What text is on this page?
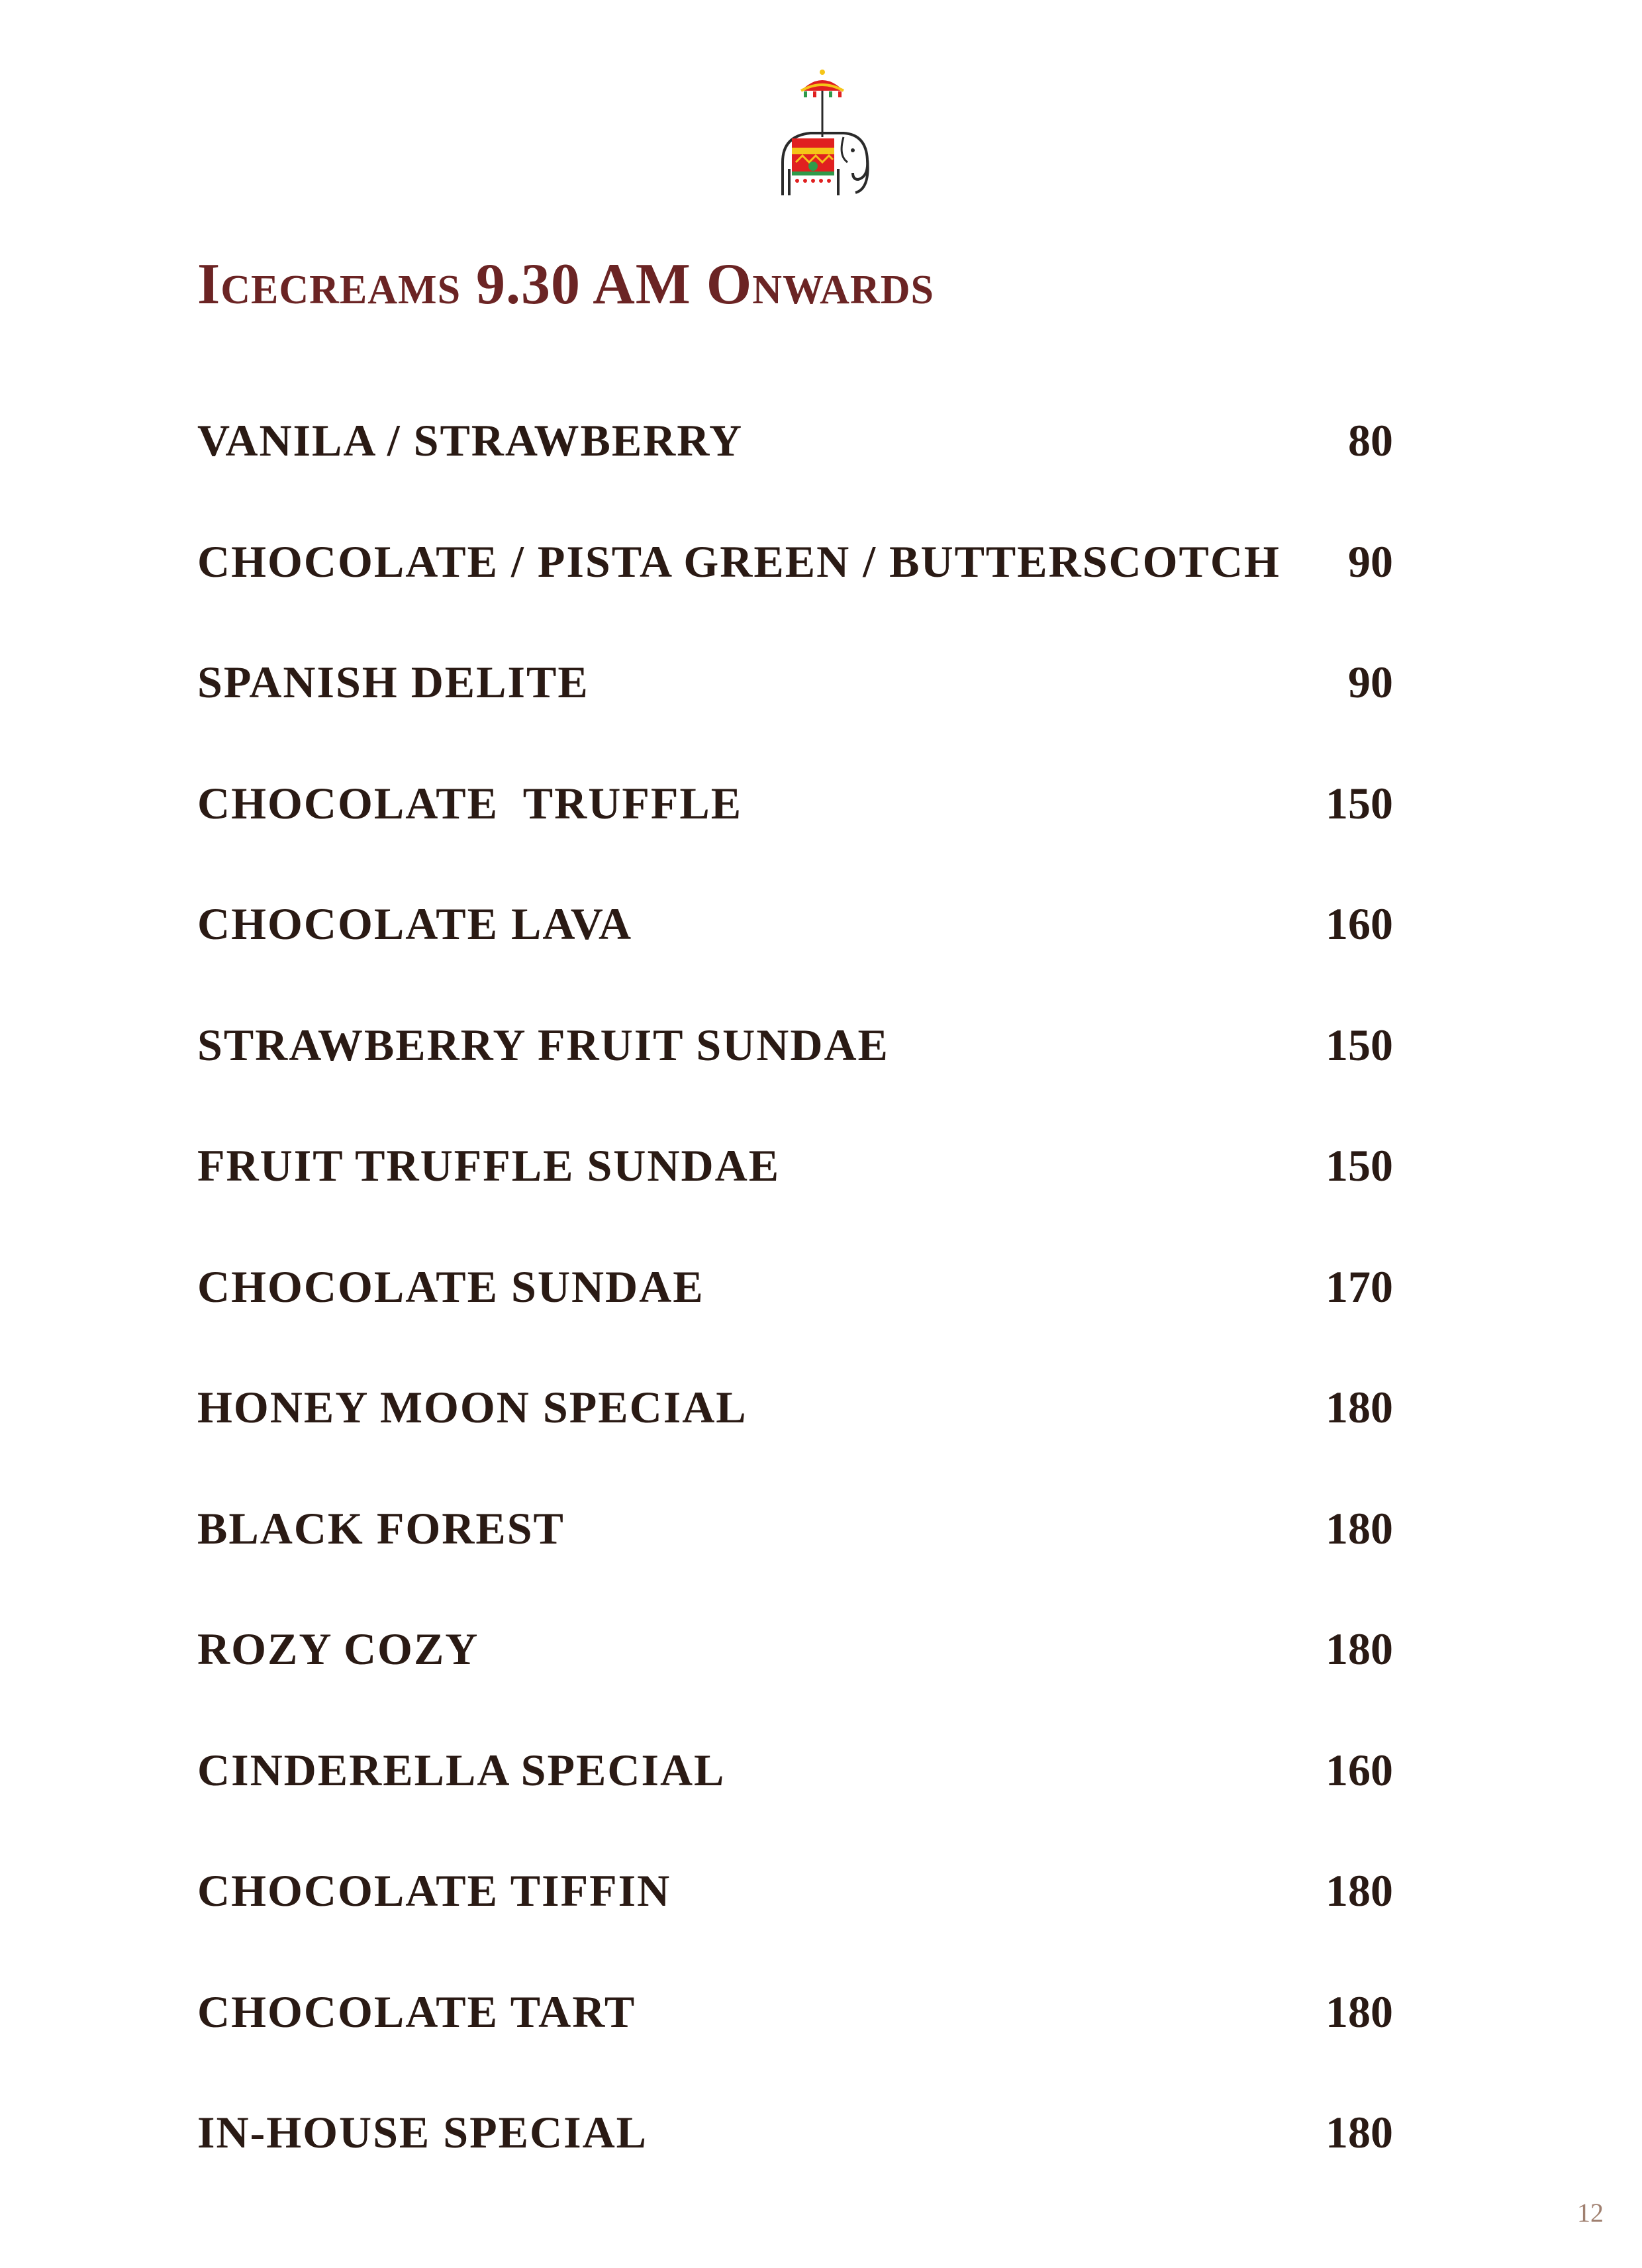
Icecreams 9.30 AM Onwards
VANILA / STRAWBERRY	80
CHOCOLATE / PISTA GREEN / BUTTERSCOTCH 90
SPANISH DELITE	90
CHOCOLATE  TRUFFLE	150
CHOCOLATE LAVA	160
STRAWBERRY FRUIT SUNDAE	150
FRUIT TRUFFLE SUNDAE	150
CHOCOLATE SUNDAE	170
HONEY MOON SPECIAL	180
BLACK FOREST	180
ROZY COZY	180
CINDERELLA SPECIAL	160
CHOCOLATE TIFFIN	180
CHOCOLATE TART	180
IN-HOUSE SPECIAL	180
12
